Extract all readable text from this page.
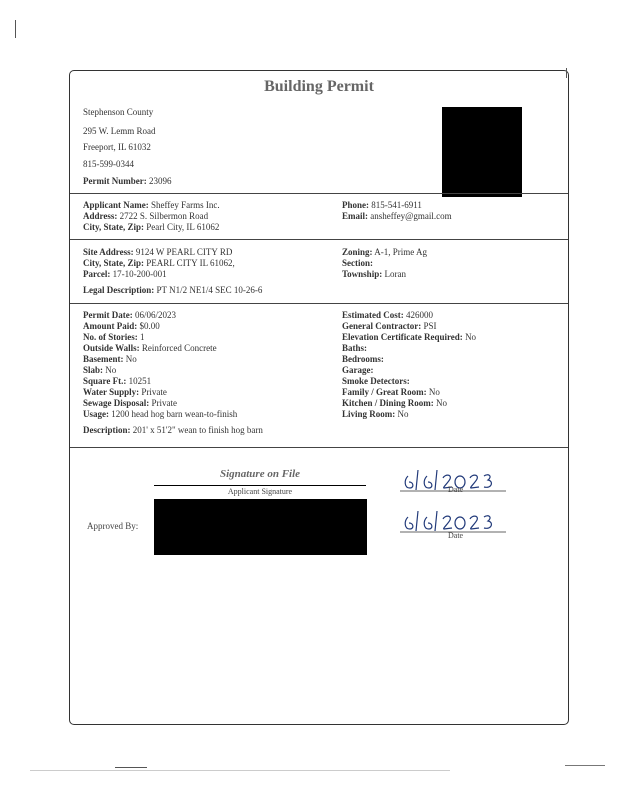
Building Permit
Stephenson County
295 W. Lemm Road
Freeport, IL 61032
815-599-0344
Permit Number: 23096
Applicant Name: Sheffey Farms Inc.
Address: 2722 S. Silbermon Road
City, State, Zip: Pearl City, IL 61062
Phone: 815-541-6911
Email: ansheffey@gmail.com
Site Address: 9124 W PEARL CITY RD
City, State, Zip: PEARL CITY IL 61062,
Parcel: 17-10-200-001
Legal Description: PT N1/2 NE1/4 SEC 10-26-6
Zoning: A-1, Prime Ag
Section:
Township: Loran
Permit Date: 06/06/2023
Amount Paid: $0.00
No. of Stories: 1
Outside Walls: Reinforced Concrete
Basement: No
Slab: No
Square Ft.: 10251
Water Supply: Private
Sewage Disposal: Private
Usage: 1200 head hog barn wean-to-finish
Description: 201' x 51'2" wean to finish hog barn
Estimated Cost: 426000
General Contractor: PSI
Elevation Certificate Required: No
Baths:
Bedrooms:
Garage:
Smoke Detectors:
Family / Great Room: No
Kitchen / Dining Room: No
Living Room: No
Signature on File
Applicant Signature
Approved By:
Date
Date
